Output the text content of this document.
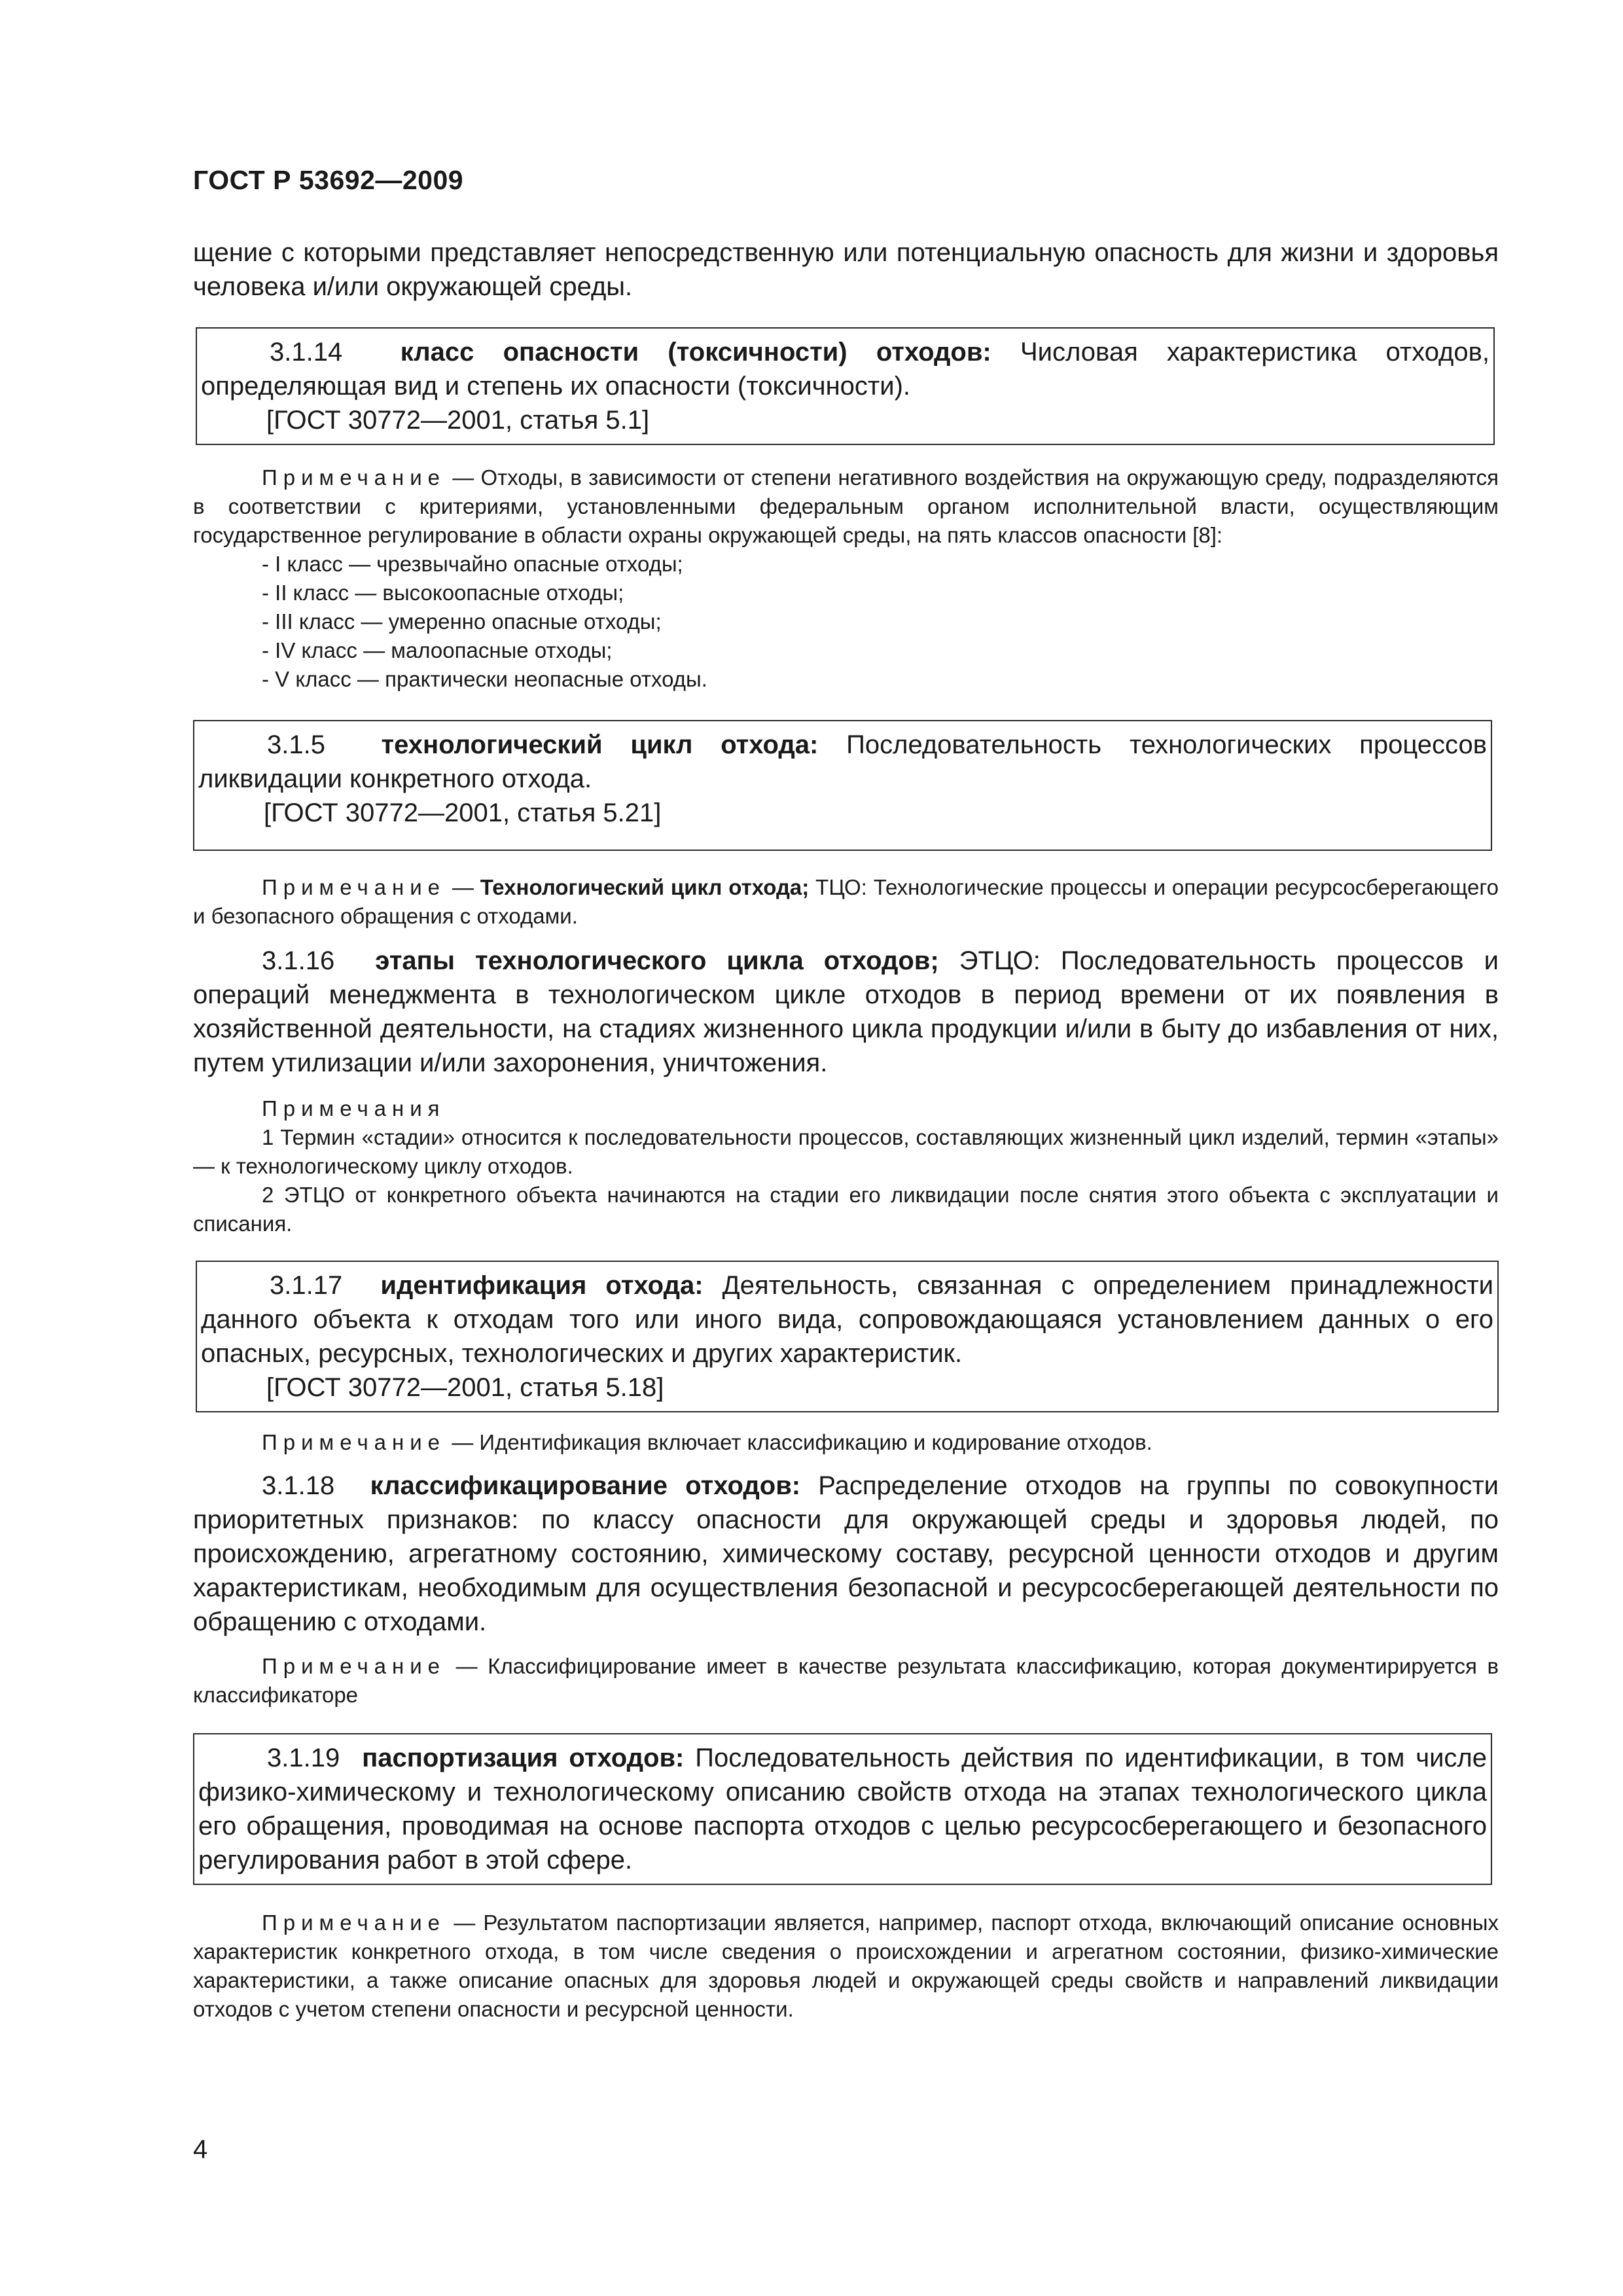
ГОСТ Р 53692—2009

щение с которыми представляет непосредственную или потенциальную опасность для жизни и здоровья человека и/или окружающей среды.

3.1.14 класс опасности (токсичности) отходов: Числовая характеристика отходов, определяющая вид и степень их опасности (токсичности).

[ГОСТ 30772—2001, статья 5.1]

Примечание — Отходы, в зависимости от степени негативного воздействия на окружающую среду, подразделяются в соответствии с критериями, установленными федеральным органом исполнительной власти, осуществляющим государственное регулирование в области охраны окружающей среды, на пять классов опасности [8]:

- I класс — чрезвычайно опасные отходы;
- II класс — высокоопасные отходы;
- III класс — умеренно опасные отходы;
- IV класс — малоопасные отходы;
- V класс — практически неопасные отходы.

3.1.5 технологический цикл отхода: Последовательность технологических процессов ликвидации конкретного отхода.

[ГОСТ 30772—2001, статья 5.21]

Примечание — Технологический цикл отхода; ТЦО: Технологические процессы и операции ресурсосберегающего и безопасного обращения с отходами.

3.1.16 этапы технологического цикла отходов; ЭТЦО: Последовательность процессов и операций менеджмента в технологическом цикле отходов в период времени от их появления в хозяйственной деятельности, на стадиях жизненного цикла продукции и/или в быту до избавления от них, путем утилизации и/или захоронения, уничтожения.

Примечания

1 Термин «стадии» относится к последовательности процессов, составляющих жизненный цикл изделий, термин «этапы» — к технологическому циклу отходов.

2 ЭТЦО от конкретного объекта начинаются на стадии его ликвидации после снятия этого объекта с эксплуатации и списания.

3.1.17 идентификация отхода: Деятельность, связанная с определением принадлежности данного объекта к отходам того или иного вида, сопровождающаяся установлением данных о его опасных, ресурсных, технологических и других характеристик.

[ГОСТ 30772—2001, статья 5.18]

Примечание — Идентификация включает классификацию и кодирование отходов.

3.1.18 классификацирование отходов: Распределение отходов на группы по совокупности приоритетных признаков: по классу опасности для окружающей среды и здоровья людей, по происхождению, агрегатному состоянию, химическому составу, ресурсной ценности отходов и другим характеристикам, необходимым для осуществления безопасной и ресурсосберегающей деятельности по обращению с отходами.

Примечание — Классифицирование имеет в качестве результата классификацию, которая документирируется в классификаторе

3.1.19 паспортизация отходов: Последовательность действия по идентификации, в том числе физико-химическому и технологическому описанию свойств отхода на этапах технологического цикла его обращения, проводимая на основе паспорта отходов с целью ресурсосберегающего и безопасного регулирования работ в этой сфере.

Примечание — Результатом паспортизации является, например, паспорт отхода, включающий описание основных характеристик конкретного отхода, в том числе сведения о происхождении и агрегатном состоянии, физико-химические характеристики, а также описание опасных для здоровья людей и окружающей среды свойств и направлений ликвидации отходов с учетом степени опасности и ресурсной ценности.

4
